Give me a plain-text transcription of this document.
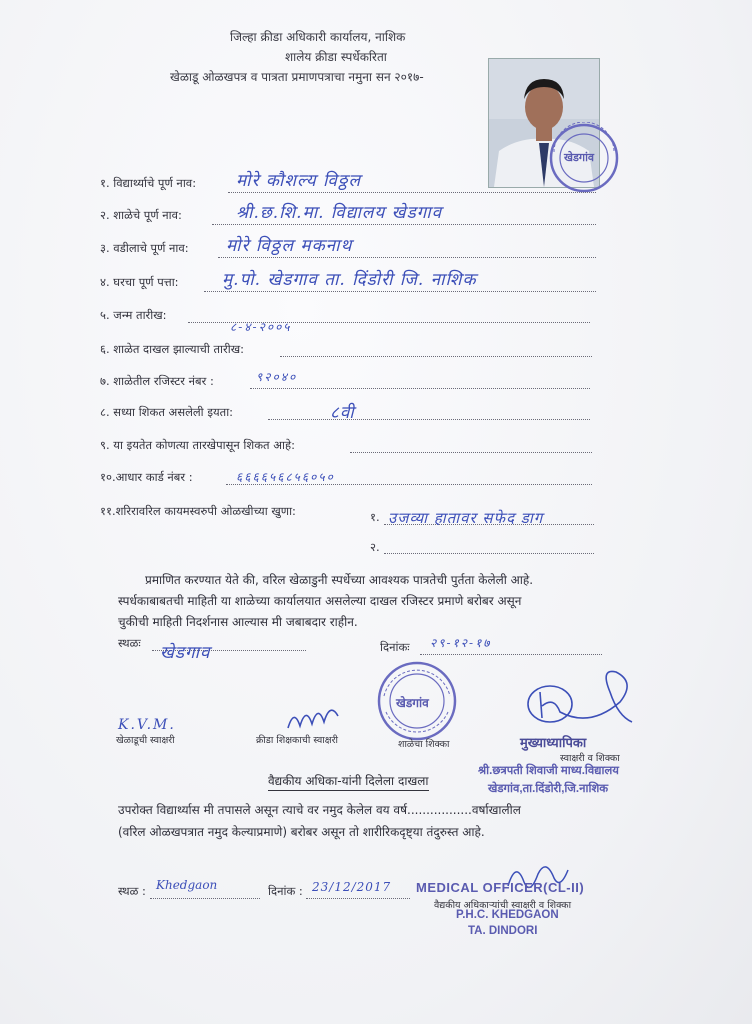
जिल्हा क्रीडा अधिकारी कार्यालय, नाशिक
शालेय क्रीडा स्पर्धेकरिता
खेळाडू ओळखपत्र व पात्रता प्रमाणपत्राचा नमुना सन २०१७-
खेडगांव
१. विद्यार्थ्याचे पूर्ण नाव: मोरे कौशल्य विठ्ठल
२. शाळेचे पूर्ण नाव:	श्री.छ.शि.मा. विद्यालय खेडगाव
३. वडीलाचे पूर्ण नाव: मोरे विठ्ठल मकनाथ
४. घरचा पूर्ण पत्ता:	मु.पो. खेडगाव ता. दिंडोरी जि. नाशिक
५. जन्म तारीख:
८-४-२००५
६. शाळेत दाखल झाल्याची तारीख:
७. शाळेतील रजिस्टर नंबर :	९२०४०
८. सध्या शिकत असलेली इयता:	८वी
९. या इयतेत कोणत्या तारखेपासून शिकत आहे:
१०.आधार कार्ड नंबर :	६६६६५६८५६०५०
११.शरिरावरिल कायमस्वरुपी ओळखीच्या खुणा:	१. उजव्या हातावर सफेद डाग
२.
प्रमाणित करण्यात येते की, वरिल खेळाडुनी स्पर्धेच्या आवश्यक पात्रतेची पुर्तता केलेली आहे.
स्पर्धकाबाबतची माहिती या शाळेच्या कार्यालयात असलेल्या दाखल रजिस्टर प्रमाणे बरोबर असून
चुकीची माहिती निदर्शनास आल्यास मी जबाबदार राहीन.
स्थळः खेडगाव	दिनांकः २९-१२-१७
खेडगांव
K.V.M.
खेळाडूची स्वाक्षरी	क्रीडा शिक्षकाची स्वाक्षरी	शाळेचा शिक्का	मुख्याध्यापिका
स्वाक्षरी व शिक्का
श्री.छत्रपती शिवाजी माध्य.विद्यालय
खेडगांव,ता.दिंडोरी,जि.नाशिक
वैद्यकीय अधिका-यांनी दिलेला दाखला
उपरोक्त विद्यार्थ्यास मी तपासले असून त्याचे वर नमुद केलेल वय वर्ष.................वर्षाखालील
(वरिल ओळखपत्रात नमुद केल्याप्रमाणे) बरोबर असून तो शारीरिकदृष्ट्या तंदुरुस्त आहे.
स्थळ : Khedgaon	दिनांक : 23/12/2017 MEDICAL OFFICER(CL-II)
वैद्यकीय अधिकाऱ्यांची स्वाक्षरी व शिक्का
P.H.C. KHEDGAON
TA. DINDORI
